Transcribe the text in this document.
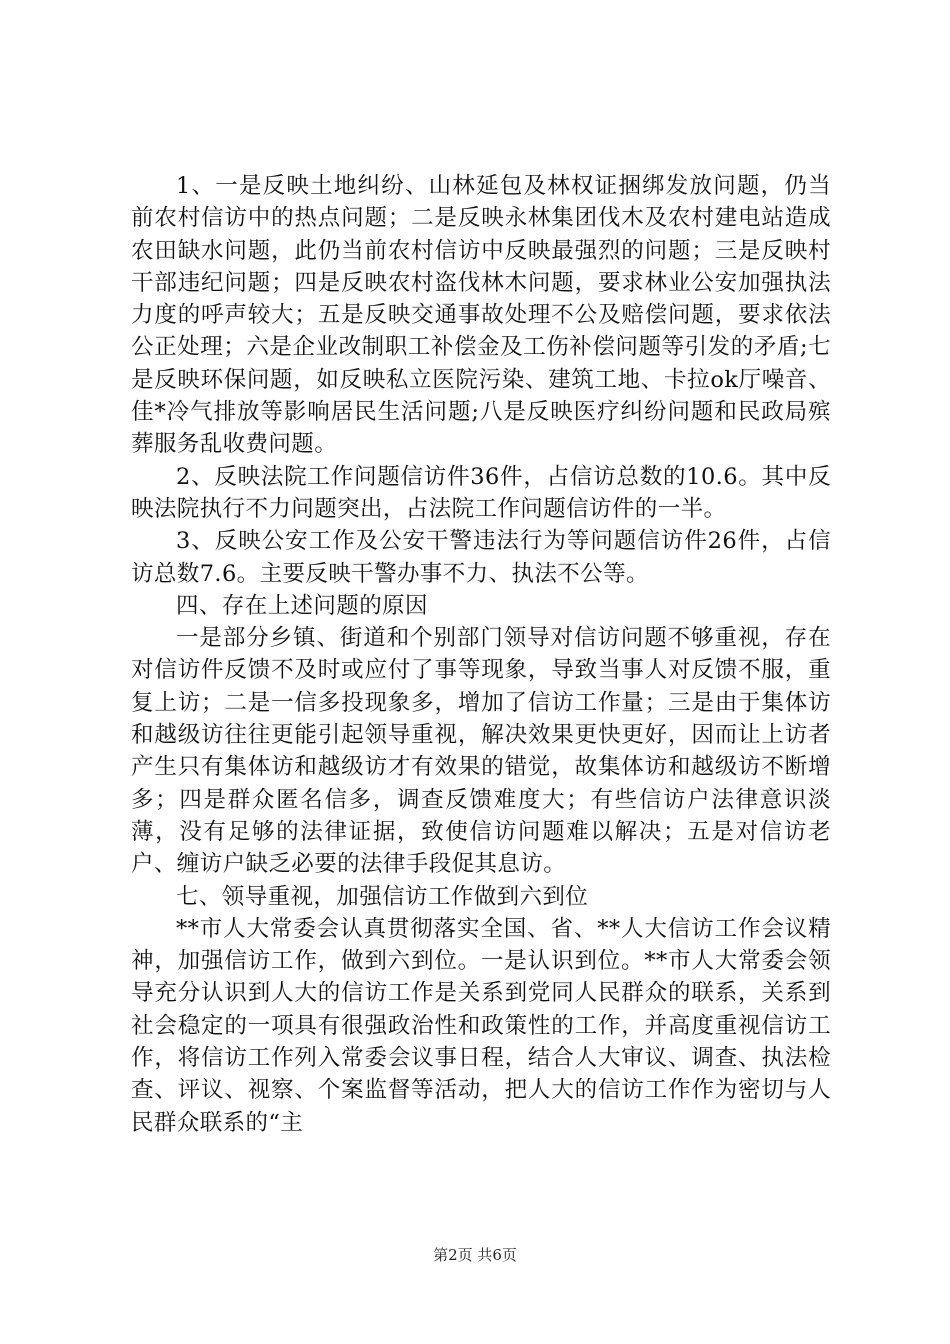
1、一是反映土地纠纷、山林延包及林权证捆绑发放问题，仍当前农村信访中的热点问题；二是反映永林集团伐木及农村建电站造成农田缺水问题，此仍当前农村信访中反映最强烈的问题；三是反映村干部违纪问题；四是反映农村盗伐林木问题，要求林业公安加强执法力度的呼声较大；五是反映交通事故处理不公及赔偿问题，要求依法公正处理；六是企业改制职工补偿金及工伤补偿问题等引发的矛盾;七是反映环保问题，如反映私立医院污染、建筑工地、卡拉ok厅噪音、佳*冷气排放等影响居民生活问题;八是反映医疗纠纷问题和民政局殡葬服务乱收费问题。

2、反映法院工作问题信访件36件，占信访总数的10.6。其中反映法院执行不力问题突出，占法院工作问题信访件的一半。

3、反映公安工作及公安干警违法行为等问题信访件26件，占信访总数7.6。主要反映干警办事不力、执法不公等。

四、存在上述问题的原因

一是部分乡镇、街道和个别部门领导对信访问题不够重视，存在对信访件反馈不及时或应付了事等现象，导致当事人对反馈不服，重复上访；二是一信多投现象多，增加了信访工作量；三是由于集体访和越级访往往更能引起领导重视，解决效果更快更好，因而让上访者产生只有集体访和越级访才有效果的错觉，故集体访和越级访不断增多；四是群众匿名信多，调查反馈难度大；有些信访户法律意识淡薄，没有足够的法律证据，致使信访问题难以解决；五是对信访老户、缠访户缺乏必要的法律手段促其息访。

七、领导重视，加强信访工作做到六到位

**市人大常委会认真贯彻落实全国、省、**人大信访工作会议精神，加强信访工作，做到六到位。一是认识到位。**市人大常委会领导充分认识到人大的信访工作是关系到党同人民群众的联系，关系到社会稳定的一项具有很强政治性和政策性的工作，并高度重视信访工作，将信访工作列入常委会议事日程，结合人大审议、调查、执法检查、评议、视察、个案监督等活动，把人大的信访工作作为密切与人民群众联系的“主

第2页 共6页
